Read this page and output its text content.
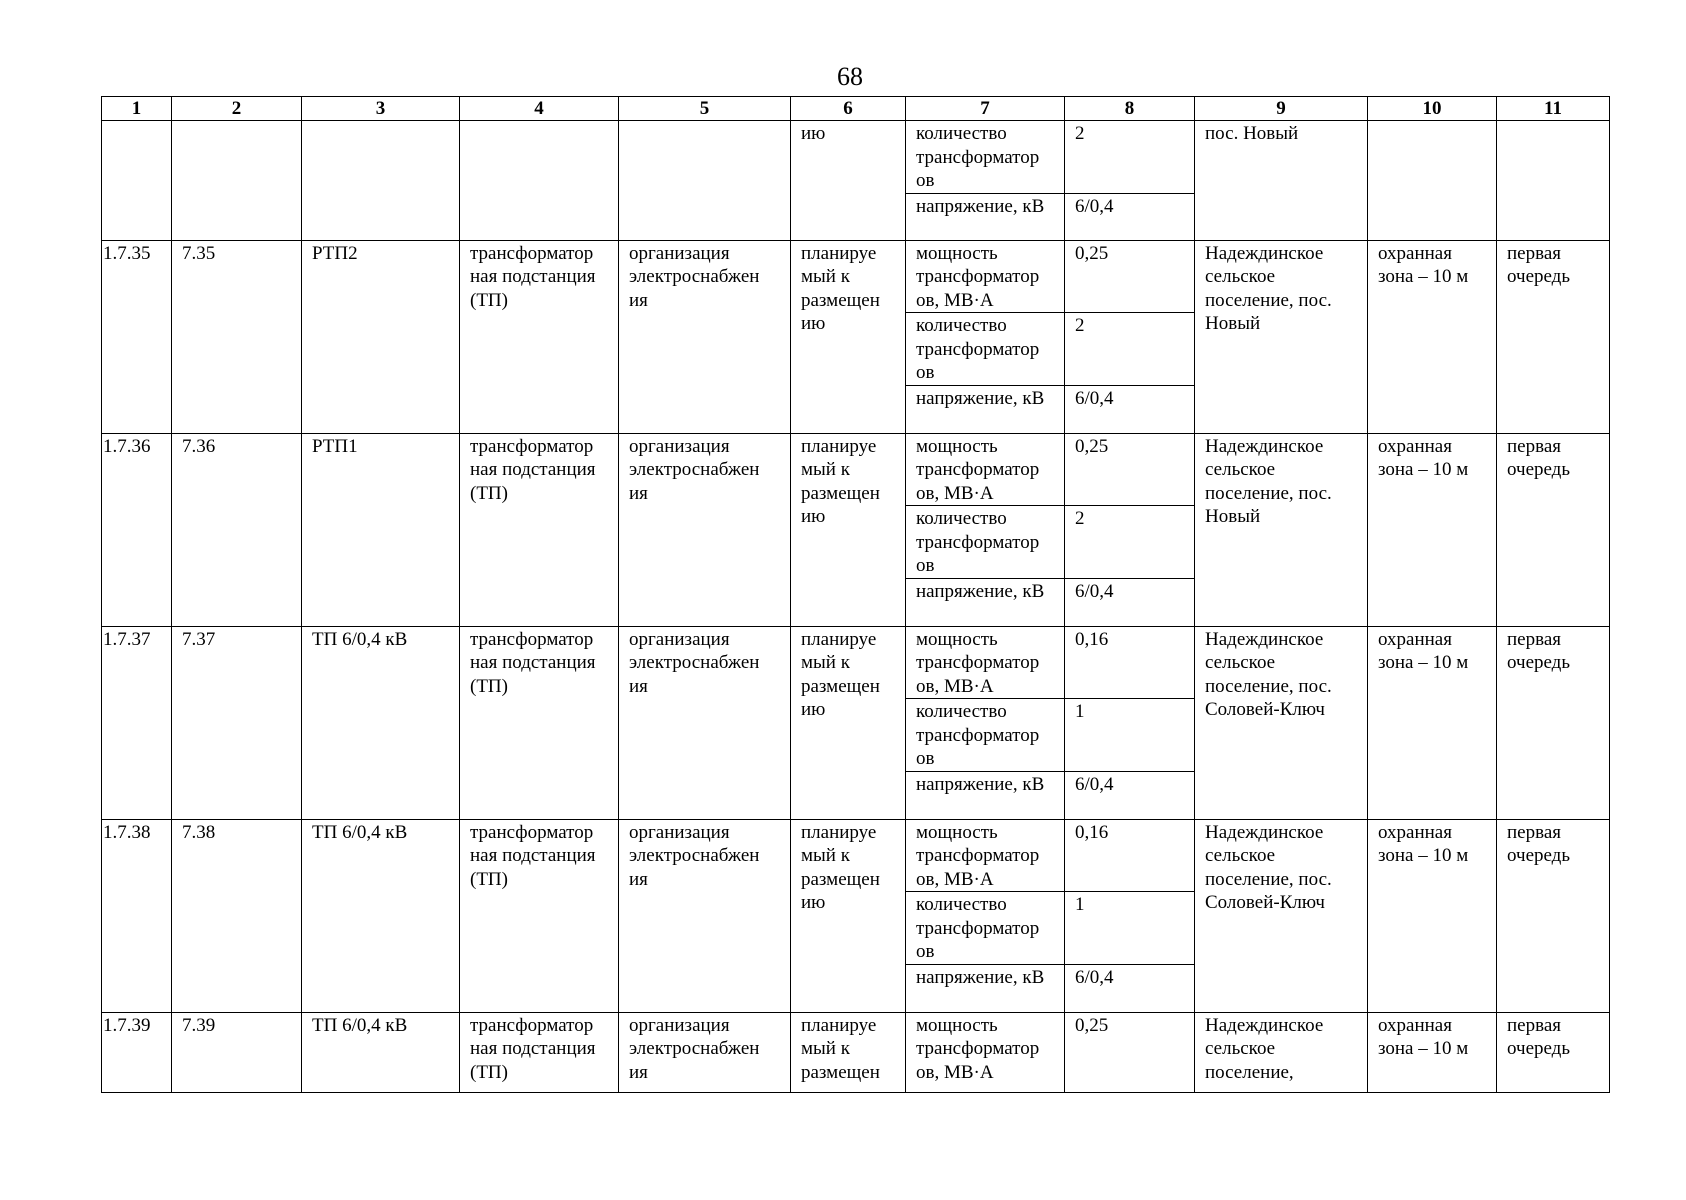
68
1	2	3	4	5	6	7	8	9	10	11
					ию	количество трансформатор ов	2	пос. Новый		
						напряжение, кВ	6/0,4			
1.7.35	7.35	РТП2	трансформатор ная подстанция (ТП)	организация электроснабжен ия	планируе мый к размещен ию	мощность трансформатор ов, МВ·А	0,25	Надеждинское сельское поселение, пос. Новый	охранная зона – 10 м	первая очередь
						количество трансформатор ов	2			
						напряжение, кВ	6/0,4			
1.7.36	7.36	РТП1	трансформатор ная подстанция (ТП)	организация электроснабжен ия	планируе мый к размещен ию	мощность трансформатор ов, МВ·А	0,25	Надеждинское сельское поселение, пос. Новый	охранная зона – 10 м	первая очередь
						количество трансформатор ов	2			
						напряжение, кВ	6/0,4			
1.7.37	7.37	ТП 6/0,4 кВ	трансформатор ная подстанция (ТП)	организация электроснабжен ия	планируе мый к размещен ию	мощность трансформатор ов, МВ·А	0,16	Надеждинское сельское поселение, пос. Соловей-Ключ	охранная зона – 10 м	первая очередь
						количество трансформатор ов	1			
						напряжение, кВ	6/0,4			
1.7.38	7.38	ТП 6/0,4 кВ	трансформатор ная подстанция (ТП)	организация электроснабжен ия	планируе мый к размещен ию	мощность трансформатор ов, МВ·А	0,16	Надеждинское сельское поселение, пос. Соловей-Ключ	охранная зона – 10 м	первая очередь
						количество трансформатор ов	1			
						напряжение, кВ	6/0,4			
1.7.39	7.39	ТП 6/0,4 кВ	трансформатор ная подстанция (ТП)	организация электроснабжен ия	планируе мый к размещен	мощность трансформатор ов, МВ·А	0,25	Надеждинское сельское поселение,	охранная зона – 10 м	первая очередь
